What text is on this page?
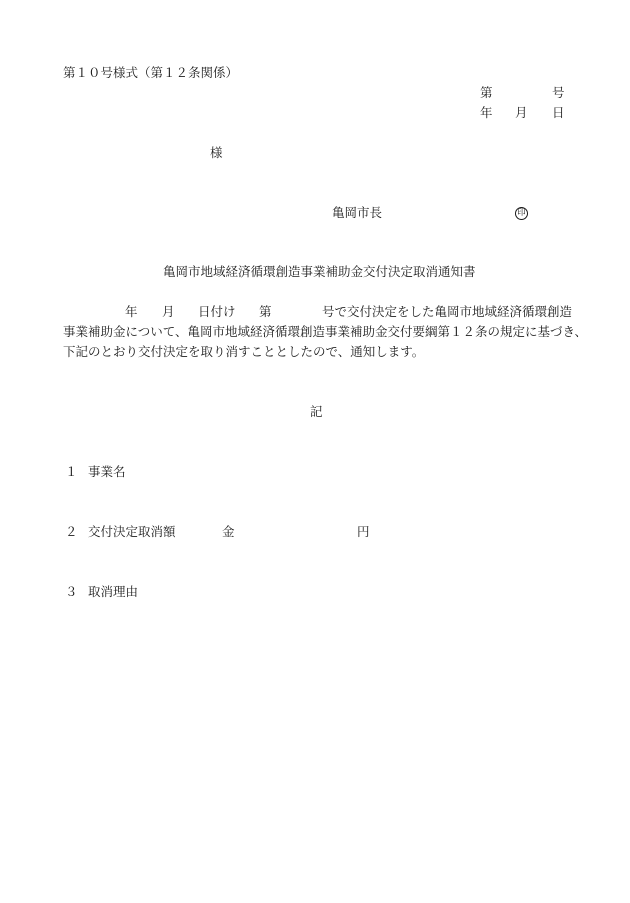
第１０号様式（第１２条関係）
第	号
年 月 日
様
亀岡市長	印
亀岡市地域経済循環創造事業補助金交付決定取消通知書
年 月 日付け 第	号で交付決定をした亀岡市地域経済循環創造
事業補助金について、亀岡市地域経済循環創造事業補助金交付要綱第１２条の規定に基づき、
下記のとおり交付決定を取り消すこととしたので、通知します。
記
１ 事業名
２ 交付決定取消額	金	円
３ 取消理由
